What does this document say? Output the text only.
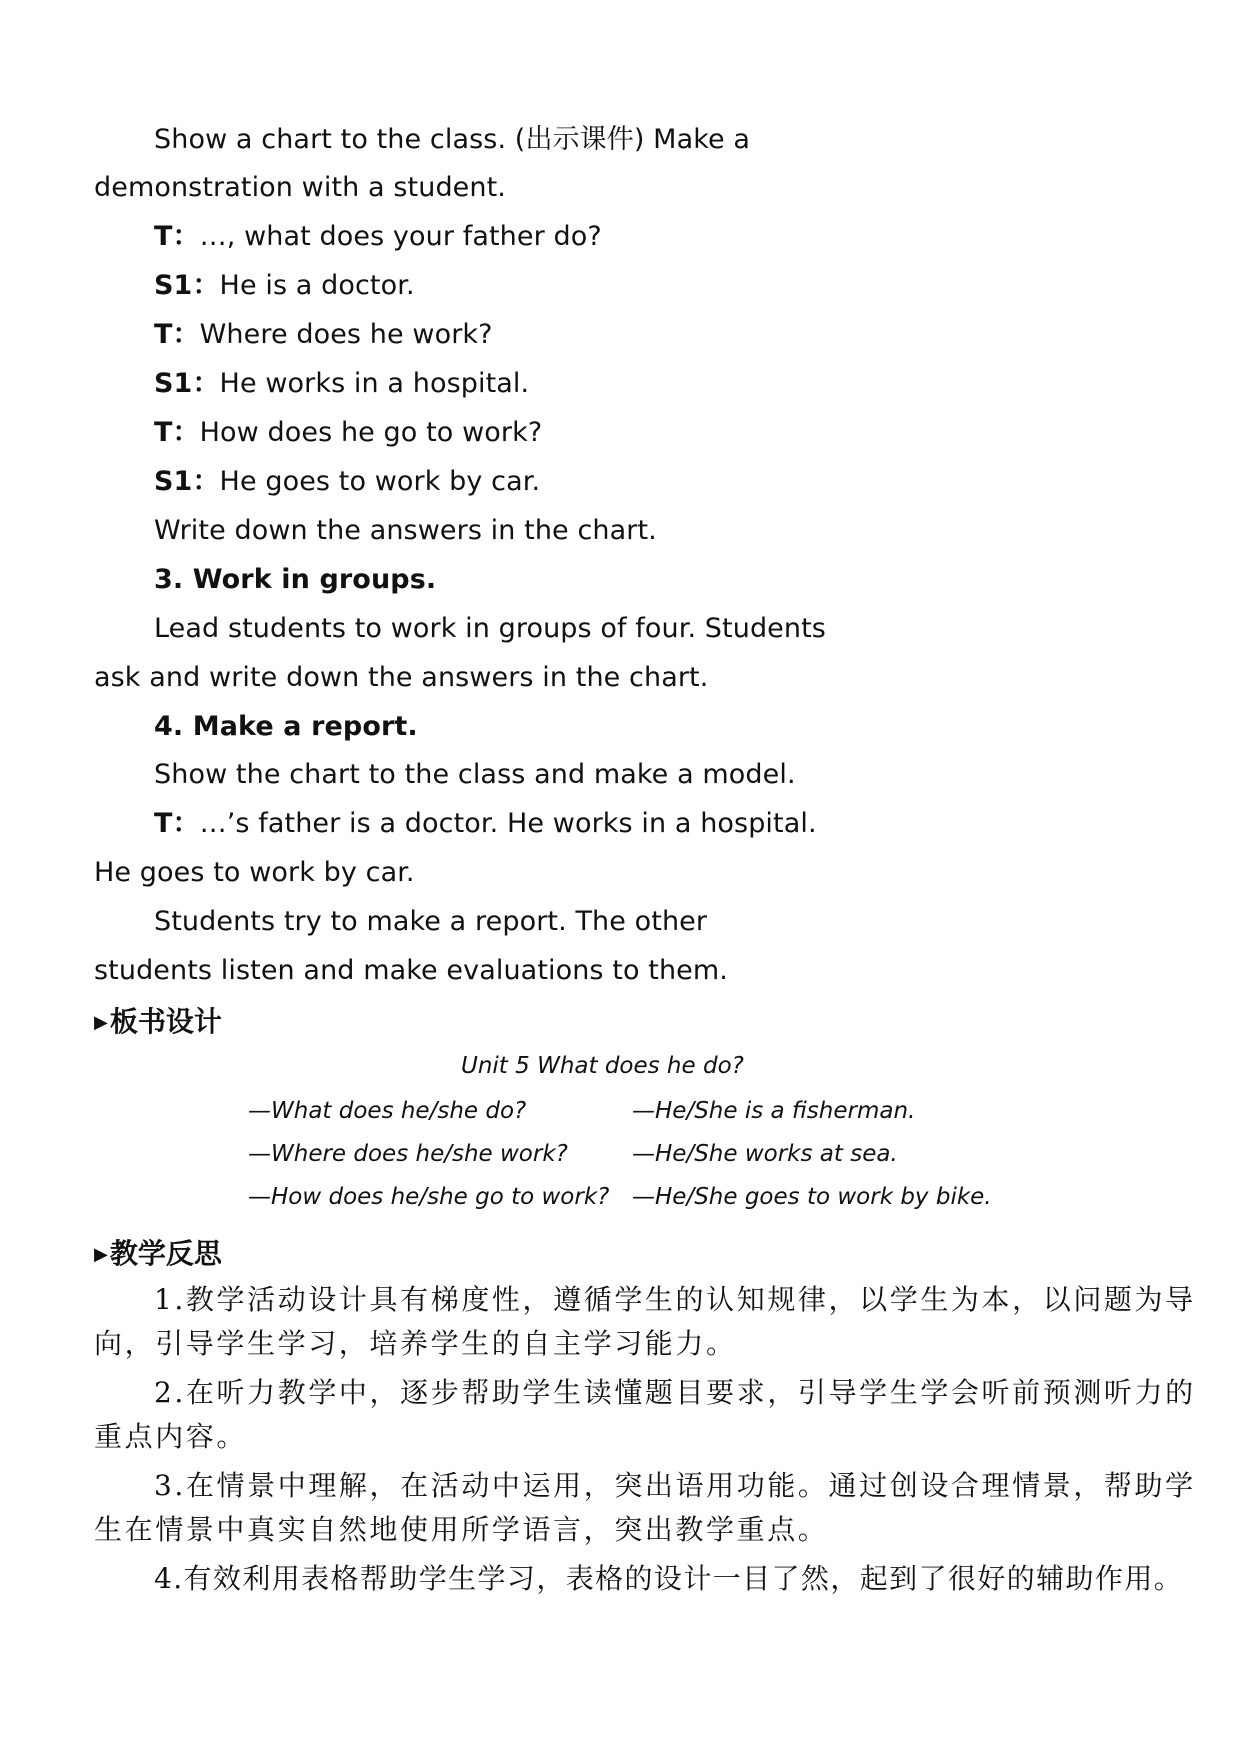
Show a chart to the class. (出示课件) Make a
demonstration with a student.
T：…, what does your father do?
S1：He is a doctor.
T：Where does he work?
S1：He works in a hospital.
T：How does he go to work?
S1：He goes to work by car.
Write down the answers in the chart.
3. Work in groups.
Lead students to work in groups of four. Students
ask and write down the answers in the chart.
4. Make a report.
Show the chart to the class and make a model.
T：…’s father is a doctor. He works in a hospital.
He goes to work by car.
Students try to make a report. The other
students listen and make evaluations to them.
▶板书设计
Unit 5 What does he do?
—What does he/she do?	—He/She is a fisherman.
—Where does he/she work?	—He/She works at sea.
—How does he/she go to work? —He/She goes to work by bike.
▶教学反思
1.教学活动设计具有梯度性，遵循学生的认知规律，以学生为本，以问题为导
向，引导学生学习，培养学生的自主学习能力。
2.在听力教学中，逐步帮助学生读懂题目要求，引导学生学会听前预测听力的
重点内容。
3.在情景中理解，在活动中运用，突出语用功能。通过创设合理情景，帮助学
生在情景中真实自然地使用所学语言，突出教学重点。
4.有效利用表格帮助学生学习，表格的设计一目了然，起到了很好的辅助作用。
